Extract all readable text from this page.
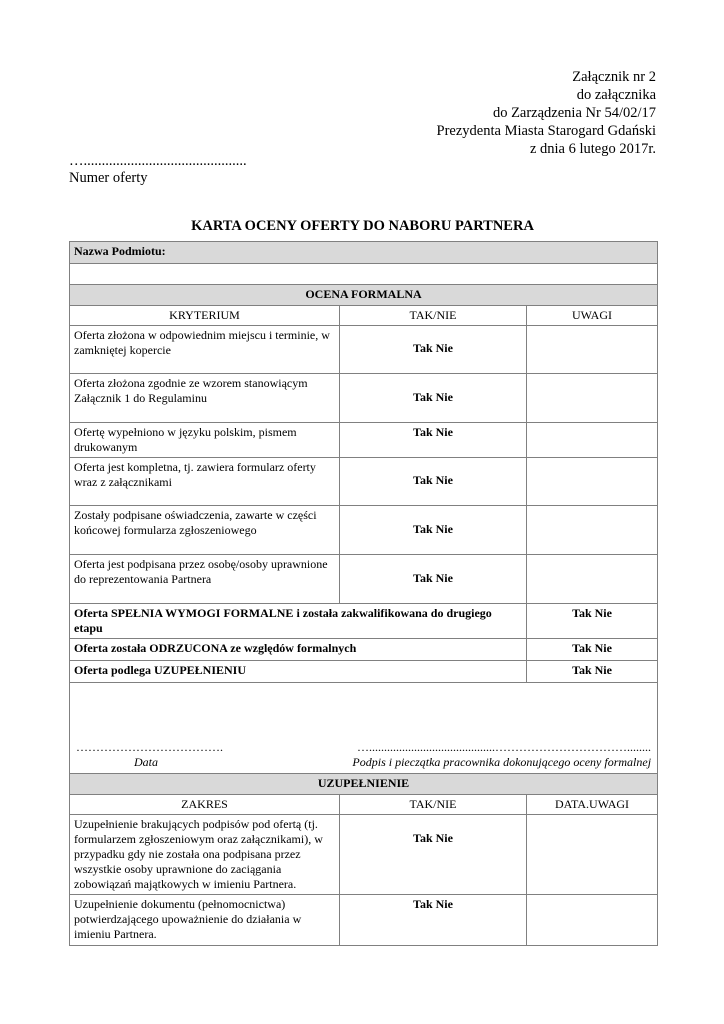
Załącznik nr 2
do załącznika
do Zarządzenia Nr 54/02/17
Prezydenta Miasta Starogard Gdański
z dnia 6 lutego 2017r.
….............................................
Numer oferty
KARTA OCENY OFERTY DO NABORU PARTNERA
Nazwa Podmiotu:		

OCENA FORMALNA		
KRYTERIUM	TAK/NIE	UWAGI
Oferta złożona w odpowiednim miejscu i terminie, w zamkniętej kopercie	Tak Nie	
Oferta złożona zgodnie ze wzorem stanowiącym Załącznik 1 do Regulaminu	Tak Nie	
Ofertę wypełniono w języku polskim, pismem drukowanym	Tak Nie	
Oferta jest kompletna, tj. zawiera formularz oferty wraz z załącznikami	Tak Nie	
Zostały podpisane oświadczenia, zawarte w części końcowej formularza zgłoszeniowego	Tak Nie	
Oferta jest podpisana przez osobę/osoby uprawnione do reprezentowania Partnera	Tak Nie	
Oferta SPEŁNIA WYMOGI FORMALNE i została zakwalifikowana do drugiego etapu		Tak Nie
Oferta została ODRZUCONA ze względów formalnych		Tak Nie
Oferta podlega UZUPEŁNIENIU		Tak Nie

………………………………. …..........................................……………………………........
Data Podpis i pieczątka pracownika dokonującego oceny formalnej		

UZUPEŁNIENIE		
ZAKRES	TAK/NIE	DATA.UWAGI
Uzupełnienie brakujących podpisów pod ofertą (tj. formularzem zgłoszeniowym oraz załącznikami), w przypadku gdy nie została ona podpisana przez wszystkie osoby uprawnione do zaciągania zobowiązań majątkowych w imieniu Partnera.	Tak Nie	
Uzupełnienie dokumentu (pełnomocnictwa) potwierdzającego upoważnienie do działania w imieniu Partnera.	Tak Nie	
